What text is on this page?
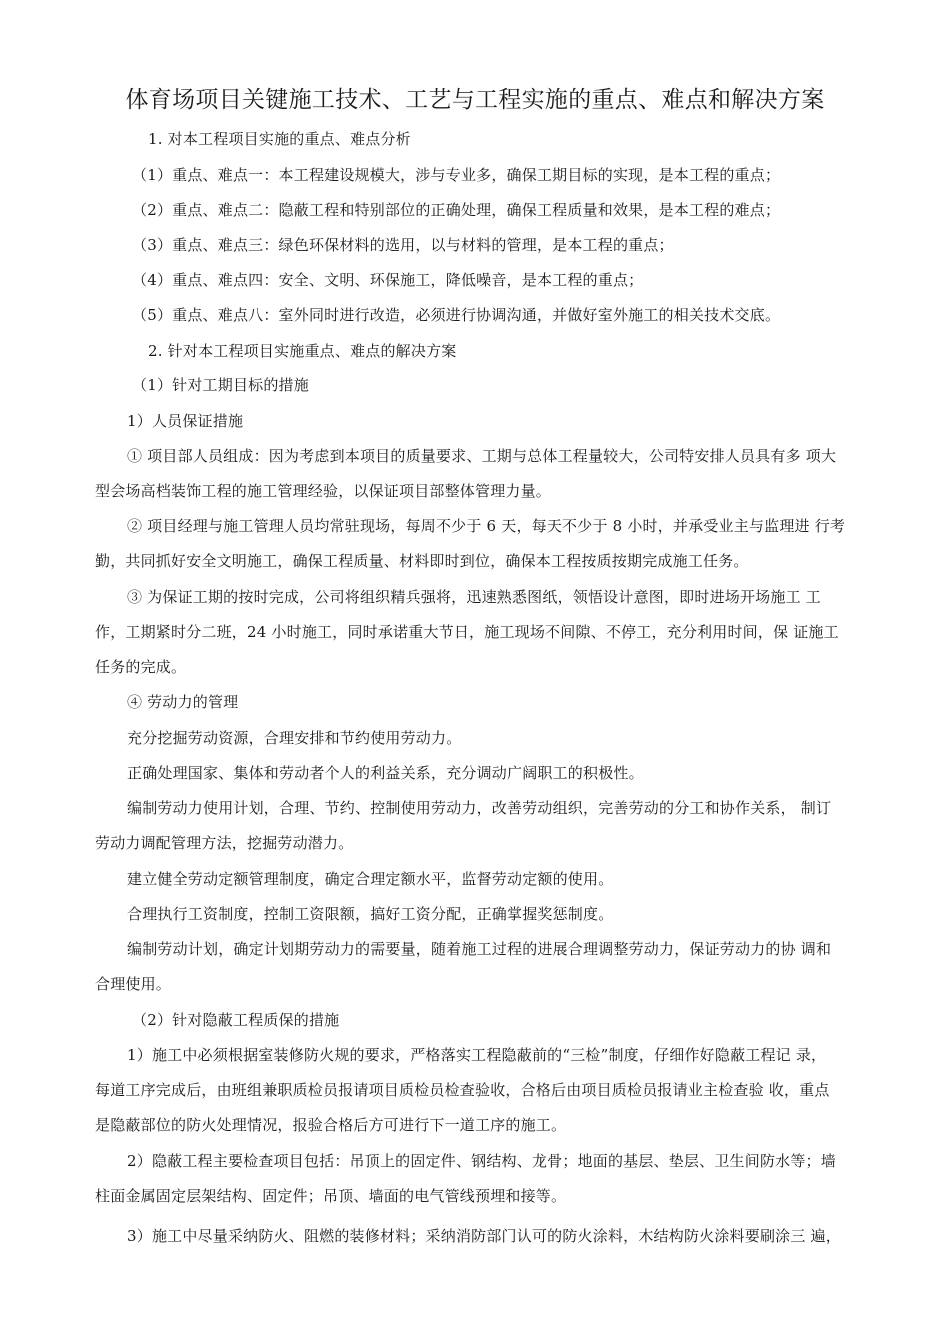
体育场项目关键施工技术、工艺与工程实施的重点、难点和解决方案
1. 对本工程项目实施的重点、难点分析
（1）重点、难点一：本工程建设规模大，涉与专业多，确保工期目标的实现，是本工程的重点；
（2）重点、难点二：隐蔽工程和特别部位的正确处理，确保工程质量和效果，是本工程的难点；
（3）重点、难点三：绿色环保材料的选用，以与材料的管理，是本工程的重点；
（4）重点、难点四：安全、文明、环保施工，降低噪音，是本工程的重点；
（5）重点、难点八：室外同时进行改造，必须进行协调沟通，并做好室外施工的相关技术交底。
2. 针对本工程项目实施重点、难点的解决方案
（1）针对工期目标的措施
1）人员保证措施
① 项目部人员组成：因为考虑到本项目的质量要求、工期与总体工程量较大，公司特安排人员具有多 项大
型会场高档装饰工程的施工管理经验，以保证项目部整体管理力量。
② 项目经理与施工管理人员均常驻现场，每周不少于 6 天，每天不少于 8 小时，并承受业主与监理进 行考
勤，共同抓好安全文明施工，确保工程质量、材料即时到位，确保本工程按质按期完成施工任务。
③ 为保证工期的按时完成，公司将组织精兵强将，迅速熟悉图纸，领悟设计意图，即时进场开场施工 工
作，工期紧时分二班，24 小时施工，同时承诺重大节日，施工现场不间隙、不停工，充分利用时间，保 证施工
任务的完成。
④ 劳动力的管理
充分挖掘劳动资源，合理安排和节约使用劳动力。
正确处理国家、集体和劳动者个人的利益关系，充分调动广阔职工的积极性。
编制劳动力使用计划，合理、节约、控制使用劳动力，改善劳动组织，完善劳动的分工和协作关系， 制订
劳动力调配管理方法，挖掘劳动潜力。
建立健全劳动定额管理制度，确定合理定额水平，监督劳动定额的使用。
合理执行工资制度，控制工资限额，搞好工资分配，正确掌握奖惩制度。
编制劳动计划，确定计划期劳动力的需要量，随着施工过程的进展合理调整劳动力，保证劳动力的协 调和
合理使用。
（2）针对隐蔽工程质保的措施
1）施工中必须根据室装修防火规的要求，严格落实工程隐蔽前的“三检”制度，仔细作好隐蔽工程记 录，
每道工序完成后，由班组兼职质检员报请项目质检员检查验收，合格后由项目质检员报请业主检查验 收，重点
是隐蔽部位的防火处理情况，报验合格后方可进行下一道工序的施工。
2）隐蔽工程主要检查项目包括：吊顶上的固定件、钢结构、龙骨；地面的基层、垫层、卫生间防水等；墙
柱面金属固定层架结构、固定件；吊顶、墙面的电气管线预埋和接等。
3）施工中尽量采纳防火、阻燃的装修材料；采纳消防部门认可的防火涂料，木结构防火涂料要刷涂三 遍，
